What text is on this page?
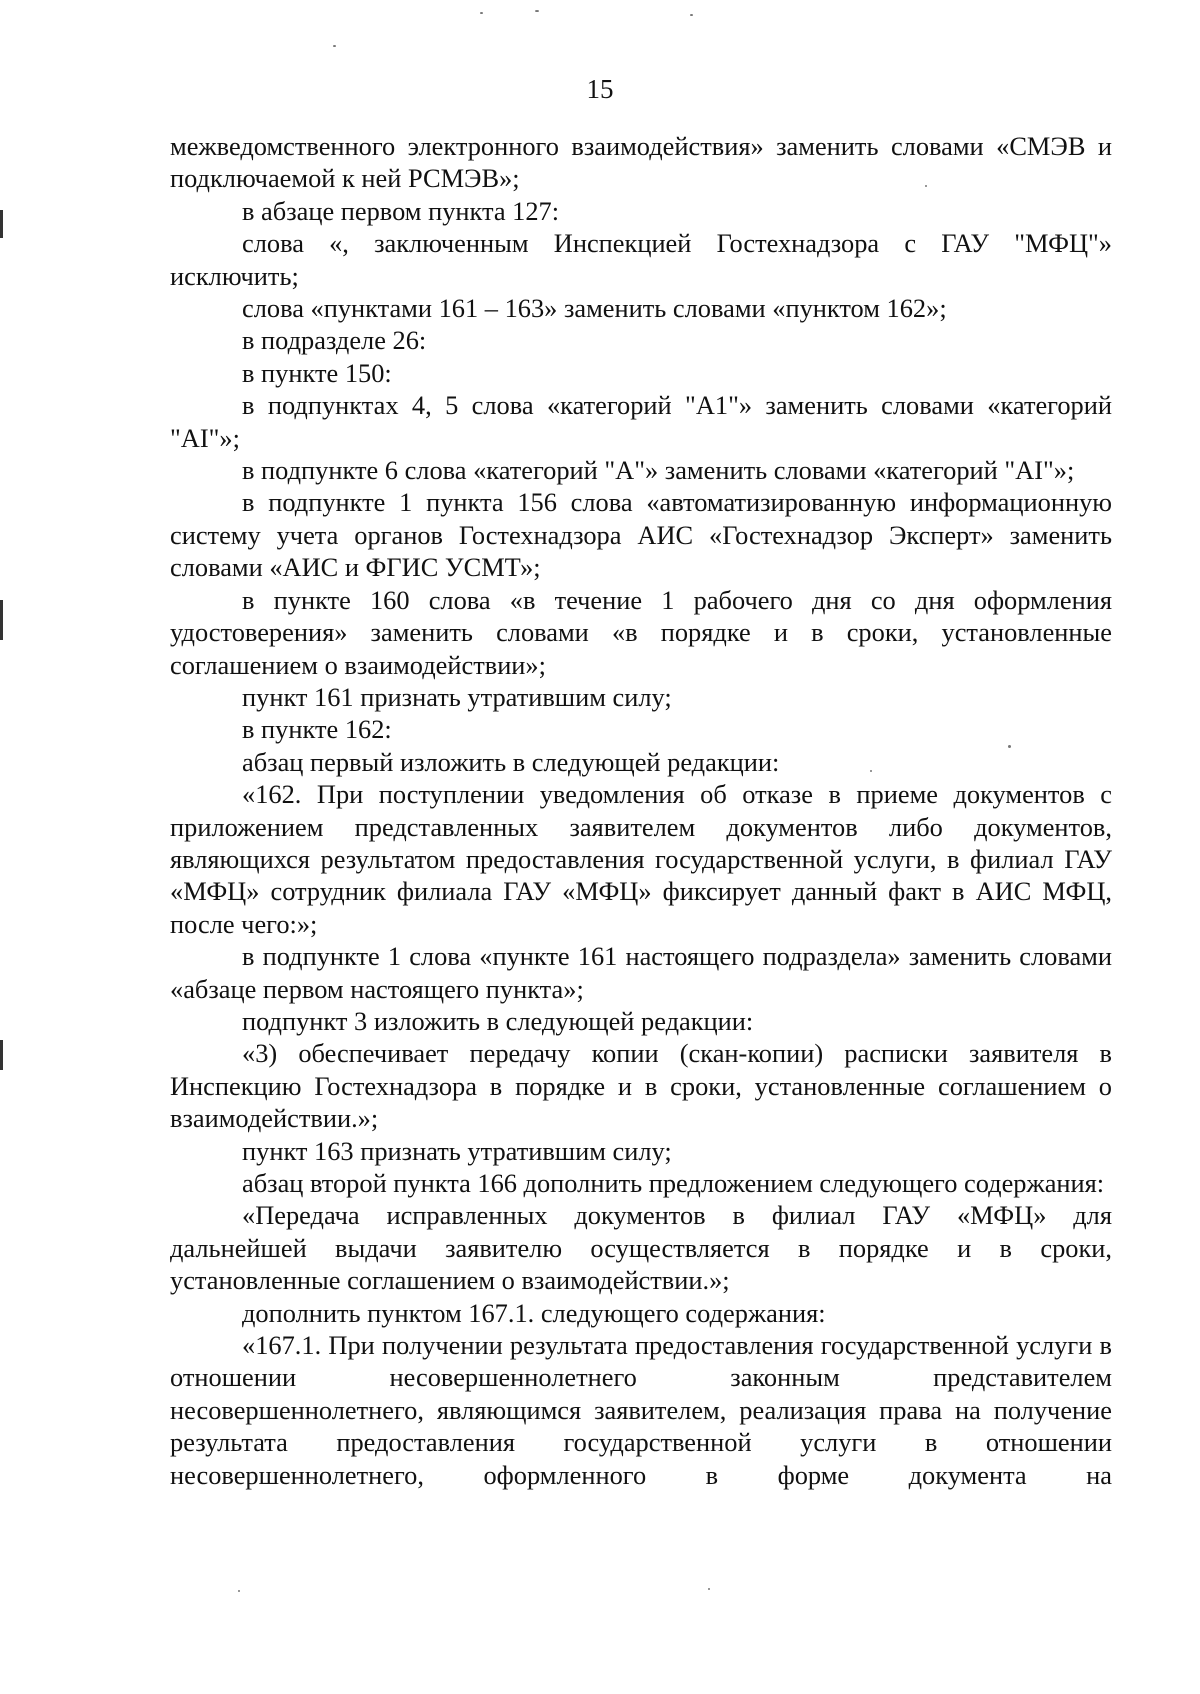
15

межведомственного электронного взаимодействия» заменить словами «СМЭВ и подключаемой к ней РСМЭВ»;

в абзаце первом пункта 127:

слова «, заключенным Инспекцией Гостехнадзора с ГАУ "МФЦ"» исключить;

слова «пунктами 161 – 163» заменить словами «пунктом 162»;

в подразделе 26:

в пункте 150:

в подпунктах 4, 5 слова «категорий "А1"» заменить словами «категорий "AI"»;

в подпункте 6 слова «категорий "А"» заменить словами «категорий "AI"»;

в подпункте 1 пункта 156 слова «автоматизированную информационную систему учета органов Гостехнадзора АИС «Гостехнадзор Эксперт» заменить словами «АИС и ФГИС УСМТ»;

в пункте 160 слова «в течение 1 рабочего дня со дня оформления удостоверения» заменить словами «в порядке и в сроки, установленные соглашением о взаимодействии»;

пункт 161 признать утратившим силу;

в пункте 162:

абзац первый изложить в следующей редакции:

«162. При поступлении уведомления об отказе в приеме документов с приложением представленных заявителем документов либо документов, являющихся результатом предоставления государственной услуги, в филиал ГАУ «МФЦ» сотрудник филиала ГАУ «МФЦ» фиксирует данный факт в АИС МФЦ, после чего:»;

в подпункте 1 слова «пункте 161 настоящего подраздела» заменить словами «абзаце первом настоящего пункта»;

подпункт 3 изложить в следующей редакции:

«3) обеспечивает передачу копии (скан-копии) расписки заявителя в Инспекцию Гостехнадзора в порядке и в сроки, установленные соглашением о взаимодействии.»;

пункт 163 признать утратившим силу;

абзац второй пункта 166 дополнить предложением следующего содержания:

«Передача исправленных документов в филиал ГАУ «МФЦ» для дальнейшей выдачи заявителю осуществляется в порядке и в сроки, установленные соглашением о взаимодействии.»;

дополнить пунктом 167.1. следующего содержания:

«167.1. При получении результата предоставления государственной услуги в отношении несовершеннолетнего законным представителем несовершеннолетнего, являющимся заявителем, реализация права на получение результата предоставления государственной услуги в отношении несовершеннолетнего, оформленного в форме документа на
